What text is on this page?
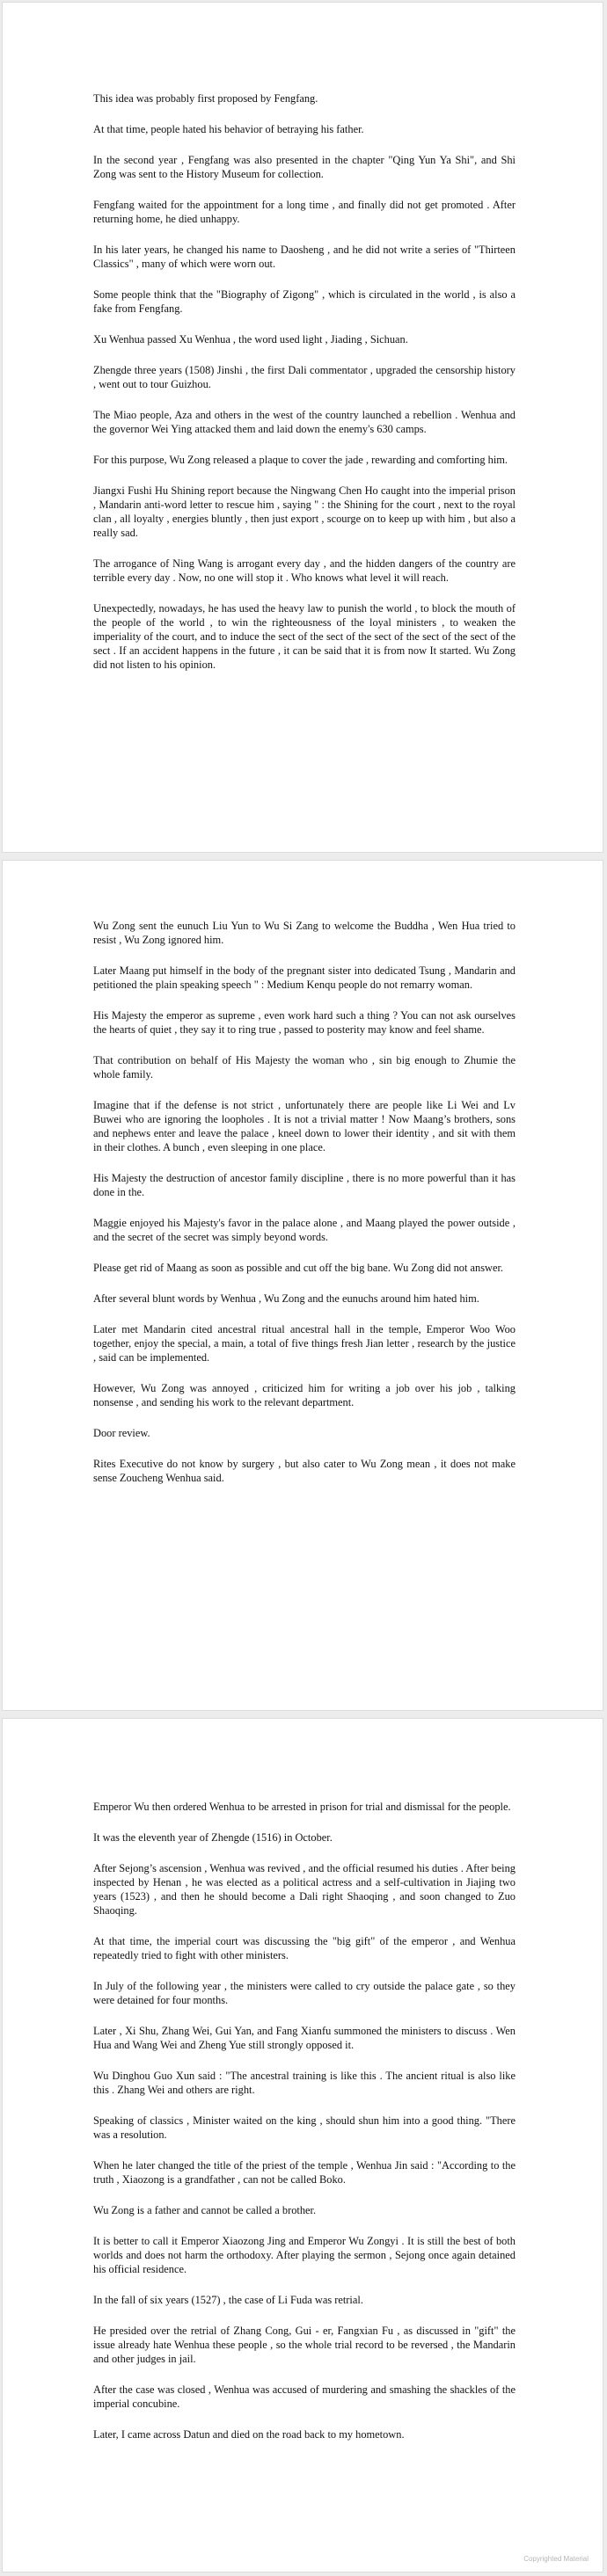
This idea was probably first proposed by Fengfang.

At that time, people hated his behavior of betraying his father.

In the second year , Fengfang was also presented in the chapter "Qing Yun Ya Shi", and Shi Zong was sent to the History Museum for collection.

Fengfang waited for the appointment for a long time , and finally did not get promoted . After returning home, he died unhappy.

In his later years, he changed his name to Daosheng , and he did not write a series of "Thirteen Classics" , many of which were worn out.

Some people think that the "Biography of Zigong" , which is circulated in the world , is also a fake from Fengfang.

Xu Wenhua passed Xu Wenhua , the word used light , Jiading , Sichuan.

Zhengde three years (1508) Jinshi , the first Dali commentator , upgraded the censorship history , went out to tour Guizhou.

The Miao people, Aza and others in the west of the country launched a rebellion . Wenhua and the governor Wei Ying attacked them and laid down the enemy's 630 camps.

For this purpose, Wu Zong released a plaque to cover the jade , rewarding and comforting him.

Jiangxi Fushi Hu Shining report because the Ningwang Chen Ho caught into the imperial prison , Mandarin anti-word letter to rescue him , saying " : the Shining for the court , next to the royal clan , all loyalty , energies bluntly , then just export , scourge on to keep up with him , but also a really sad.

The arrogance of Ning Wang is arrogant every day , and the hidden dangers of the country are terrible every day . Now, no one will stop it . Who knows what level it will reach.

Unexpectedly, nowadays, he has used the heavy law to punish the world , to block the mouth of the people of the world , to win the righteousness of the loyal ministers , to weaken the imperiality of the court, and to induce the sect of the sect of the sect of the sect of the sect of the sect . If an accident happens in the future , it can be said that it is from now It started. Wu Zong did not listen to his opinion.

Wu Zong sent the eunuch Liu Yun to Wu Si Zang to welcome the Buddha , Wen Hua tried to resist , Wu Zong ignored him.

Later Maang put himself in the body of the pregnant sister into dedicated Tsung , Mandarin and petitioned the plain speaking speech " : Medium Kenqu people do not remarry woman.

His Majesty the emperor as supreme , even work hard such a thing ? You can not ask ourselves the hearts of quiet , they say it to ring true , passed to posterity may know and feel shame.

That contribution on behalf of His Majesty the woman who , sin big enough to Zhumie the whole family.

Imagine that if the defense is not strict , unfortunately there are people like Li Wei and Lv Buwei who are ignoring the loopholes . It is not a trivial matter ! Now Maang’s brothers, sons and nephews enter and leave the palace , kneel down to lower their identity , and sit with them in their clothes. A bunch , even sleeping in one place.

His Majesty the destruction of ancestor family discipline , there is no more powerful than it has done in the.

Maggie enjoyed his Majesty's favor in the palace alone , and Maang played the power outside , and the secret of the secret was simply beyond words.

Please get rid of Maang as soon as possible and cut off the big bane. Wu Zong did not answer.

After several blunt words by Wenhua , Wu Zong and the eunuchs around him hated him.

Later met Mandarin cited ancestral ritual ancestral hall in the temple, Emperor Woo Woo together, enjoy the special, a main, a total of five things fresh Jian letter , research by the justice , said can be implemented.

However, Wu Zong was annoyed , criticized him for writing a job over his job , talking nonsense , and sending his work to the relevant department.

Door review.

Rites Executive do not know by surgery , but also cater to Wu Zong mean , it does not make sense Zoucheng Wenhua said.

Emperor Wu then ordered Wenhua to be arrested in prison for trial and dismissal for the people.

It was the eleventh year of Zhengde (1516) in October.

After Sejong’s ascension , Wenhua was revived , and the official resumed his duties . After being inspected by Henan , he was elected as a political actress and a self-cultivation in Jiajing two years (1523) , and then he should become a Dali right Shaoqing , and soon changed to Zuo Shaoqing.

At that time, the imperial court was discussing the "big gift" of the emperor , and Wenhua repeatedly tried to fight with other ministers.

In July of the following year , the ministers were called to cry outside the palace gate , so they were detained for four months.

Later , Xi Shu, Zhang Wei, Gui Yan, and Fang Xianfu summoned the ministers to discuss . Wen Hua and Wang Wei and Zheng Yue still strongly opposed it.

Wu Dinghou Guo Xun said : "The ancestral training is like this . The ancient ritual is also like this . Zhang Wei and others are right.

Speaking of classics , Minister waited on the king , should shun him into a good thing. "There was a resolution.

When he later changed the title of the priest of the temple , Wenhua Jin said : "According to the truth , Xiaozong is a grandfather , can not be called Boko.

Wu Zong is a father and cannot be called a brother.

It is better to call it Emperor Xiaozong Jing and Emperor Wu Zongyi . It is still the best of both worlds and does not harm the orthodoxy. After playing the sermon , Sejong once again detained his official residence.

In the fall of six years (1527) , the case of Li Fuda was retrial.

He presided over the retrial of Zhang Cong, Gui - er, Fangxian Fu , as discussed in "gift" the issue already hate Wenhua these people , so the whole trial record to be reversed , the Mandarin and other judges in jail.

After the case was closed , Wenhua was accused of murdering and smashing the shackles of the imperial concubine.

Later, I came across Datun and died on the road back to my hometown.

Copyrighted Material
